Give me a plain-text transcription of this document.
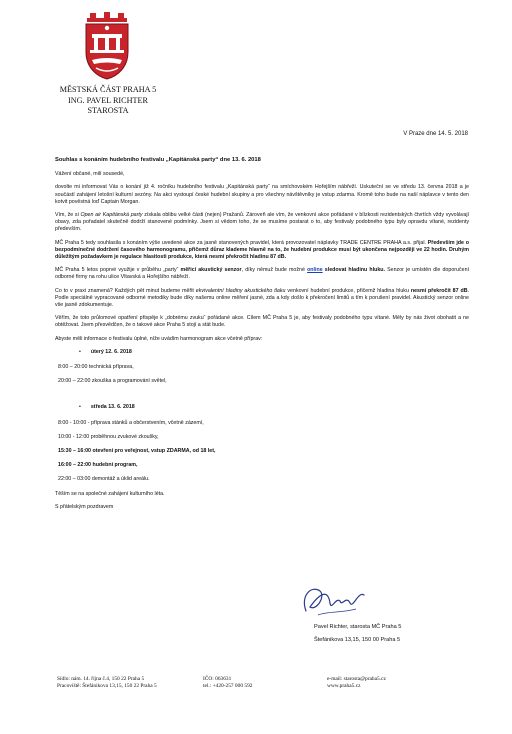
MĚSTSKÁ ČÁST PRAHA 5
ING. PAVEL RICHTER
STAROSTA
V Praze dne 14. 5. 2018
Souhlas s konáním hudebního festivalu „Kapitánská party“ dne 13. 6. 2018
Vážení občané, milí sousedé,
dovolte mi informovat Vás o konání již 4. ročníku hudebního festivalu „Kapitánská party“ na smíchovském Hořejším nábřeží. Uskuteční se ve středu 13. června 2018 a je součástí zahájení letošní kulturní sezóny. Na akci vystoupí české hudební skupiny a pro všechny návštěvníky je vstup zdarma. Kromě toho bude na naší náplavce v tento den kotvit pověstná loď Captain Morgan.
Vím, že si Open air Kapitánská party získala oblibu velké části (nejen) Pražanů. Zároveň ale vím, že venkovní akce pořádané v blízkosti rezidentských čtvrtích vždy vyvolávají obavy, zda pořadatel skutečně dodrží stanovené podmínky. Jsem si vědom toho, že se musíme postarat o to, aby festivaly podobného typu byly opravdu vítané, rezidenty především.
MČ Praha 5 tedy souhlasila s konáním výše uvedené akce za jasně stanovených pravidel, která provozovatel náplavky TRADE CENTRE PRAHA a.s. přijal. Především jde o bezpodmínečné dodržení časového harmonogramu, přičemž důraz klademe hlavně na to, že hudební produkce musí být ukončena nejpozději ve 22 hodin. Druhým důležitým požadavkem je regulace hlasitosti produkce, která nesmí překročit hladinu 87 dB.
MČ Praha 5 letos poprvé využije v průběhu „party“ měřicí akustický senzor, díky němuž bude možné online sledovat hladinu hluku. Senzor je umístěn dle doporučení odborné firmy na rohu ulice Vltavská a Hořejšího nábřeží.
Co to v praxi znamená? Každých pět minut budeme měřit ekvivalentní hladiny akustického tlaku venkovní hudební produkce, přičemž hladina hluku nesmí překročit 87 dB. Podle speciálně vypracované odborné metodiky bude díky našemu online měření jasné, zda a kdy došlo k překročení limitů a tím k porušení pravidel. Akustický senzor online vše jasně zdokumentuje.
Věřím, že toto průlomové opatření přispěje k „dobrému zvuku“ pořádané akce. Cílem MČ Praha 5 je, aby festivaly podobného typu vítané. Měly by nás život obohatit a ne obtěžovat. Jsem přesvědčen, že o takové akce Praha 5 stojí a stát bude.
Abyste měli informace o festivalu úplné, níže uvádím harmonogram akce včetně příprav:
• úterý 12. 6. 2018
8:00 – 20:00 technická příprava,
20:00 – 22:00 zkouška a programování světel,
• středa 13. 6. 2018
8:00 - 10:00 - příprava stánků a občerstvením, včetně zázemí,
10:00 - 12:00 proběhnou zvukové zkoušky,
15:30 – 16:00 otevření pro veřejnost, vstup ZDARMA, od 18 let,
16:00 – 22:00 hudební program,
22:00 – 03:00 demontáž a úklid areálu.
Těším se na společné zahájení kulturního léta.
S přátelským pozdravem
Pavel Richter, starosta MČ Praha 5
Štefánikova 13,15, 150 00 Praha 5
Sídlo: nám. 14. října č.4, 150 22 Praha 5
Pracoviště: Štefánikova 13,15, 150 22 Praha 5
IČO: 063631
tel.: +420-257 000 592
e-mail: starosta@praha5.cz
www.praha5.cz
